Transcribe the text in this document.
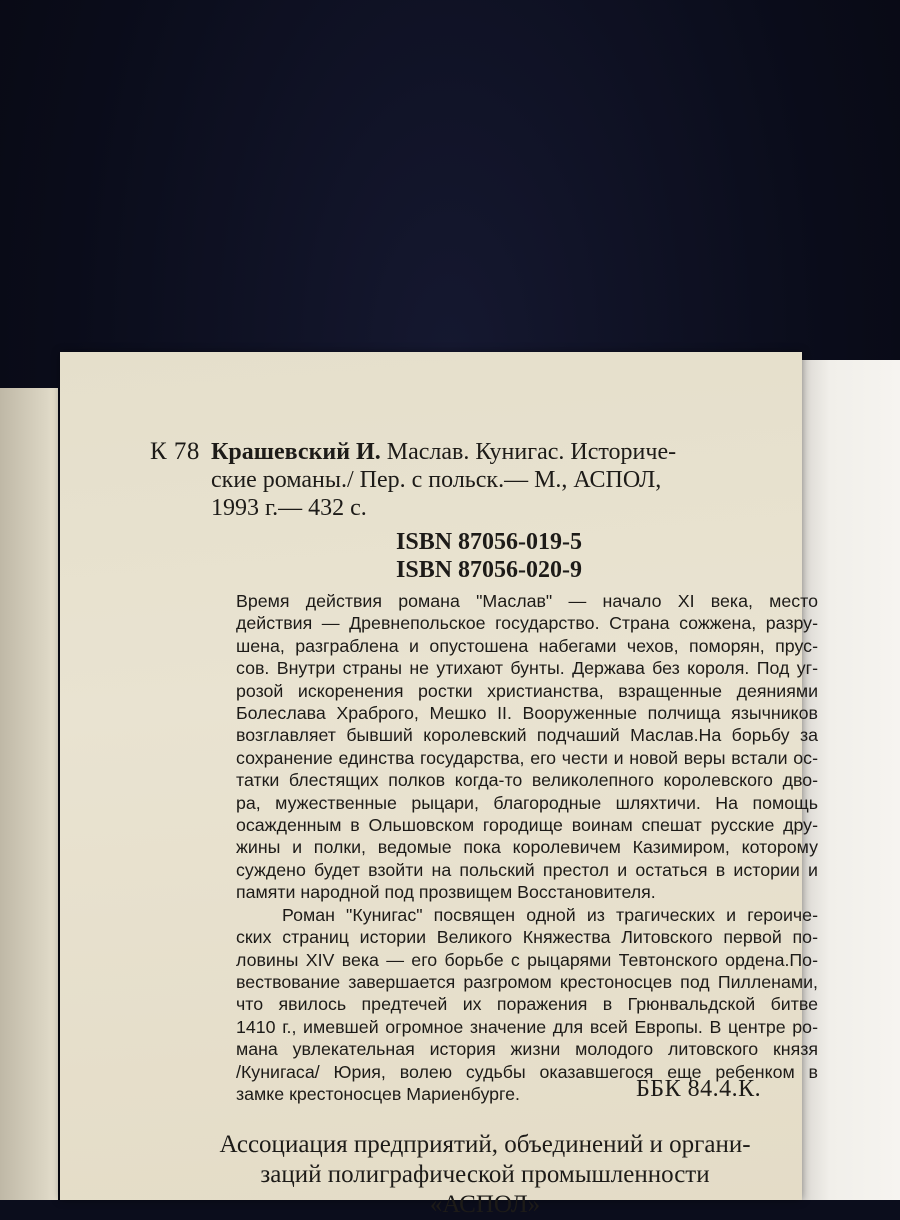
К 78 Крашевский И. Маслав. Кунигас. Историче-
ские романы./ Пер. с польск.— М., АСПОЛ,
1993 г.— 432 с.
ISBN 87056-019-5
ISBN 87056-020-9
Время действия романа "Маслав" — начало XI века, место
действия — Древнепольское государство. Страна сожжена, разру-
шена, разграблена и опустошена набегами чехов, поморян, прус-
сов. Внутри страны не утихают бунты. Держава без короля. Под уг-
розой искоренения ростки христианства, взращенные деяниями
Болеслава Храброго, Мешко II. Вооруженные полчища язычников
возглавляет бывший королевский подчаший Маслав.На борьбу за
сохранение единства государства, его чести и новой веры встали ос-
татки блестящих полков когда-то великолепного королевского дво-
ра, мужественные рыцари, благородные шляхтичи. На помощь
осажденным в Ольшовском городище воинам спешат русские дру-
жины и полки, ведомые пока королевичем Казимиром, которому
суждено будет взойти на польский престол и остаться в истории и
памяти народной под прозвищем Восстановителя.
Роман "Кунигас" посвящен одной из трагических и героиче-
ских страниц истории Великого Княжества Литовского первой по-
ловины XIV века — его борьбе с рыцарями Тевтонского ордена.По-
вествование завершается разгромом крестоносцев под Пилленами,
что явилось предтечей их поражения в Грюнвальдской битве
1410 г., имевшей огромное значение для всей Европы. В центре ро-
мана увлекательная история жизни молодого литовского князя
/Кунигаса/ Юрия, волею судьбы оказавшегося еще ребенком в
замке крестоносцев Мариенбурге.	ББК 84.4.К.
Ассоциация предприятий, объединений и органи-
заций полиграфической промышленности
«АСПОЛ»
